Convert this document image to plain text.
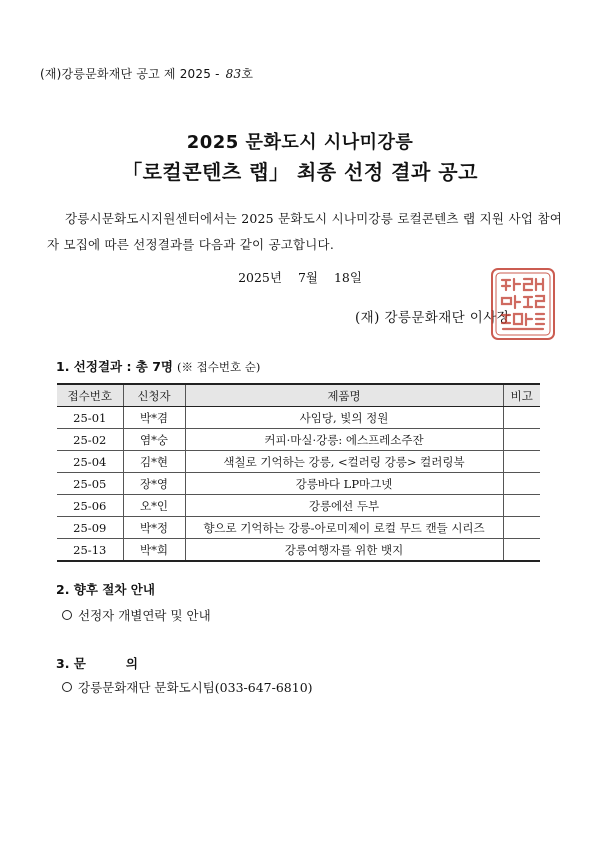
(재)강릉문화재단 공고 제 2025 - 83호
2025 문화도시 시나미강릉
「로컬콘텐츠 랩」 최종 선정 결과 공고
강릉시문화도시지원센터에서는 2025 문화도시 시나미강릉 로컬콘텐츠 랩 지원 사업 참여자 모집에 따른 선정결과를 다음과 같이 공고합니다.
2025년 7월 18일
(재) 강릉문화재단 이사장
1. 선정결과 : 총 7명 (※ 접수번호 순)
접수번호	신청자	제품명	비고
25-01	박*겸	사임당, 빛의 정원	
25-02	염*숭	커피·마실·강릉: 에스프레소주잔	
25-04	김*현	색칠로 기억하는 강릉, <컬러링 강릉> 컬러링북	
25-05	장*영	강릉바다 LP마그넷	
25-06	오*인	강릉에선 두부	
25-09	박*정	향으로 기억하는 강릉-아로미제이 로컬 무드 캔들 시리즈	
25-13	박*희	강릉여행자를 위한 뱃지	
2. 향후 절차 안내
선정자 개별연락 및 안내
3. 문	의
강릉문화재단 문화도시팀(033-647-6810)
